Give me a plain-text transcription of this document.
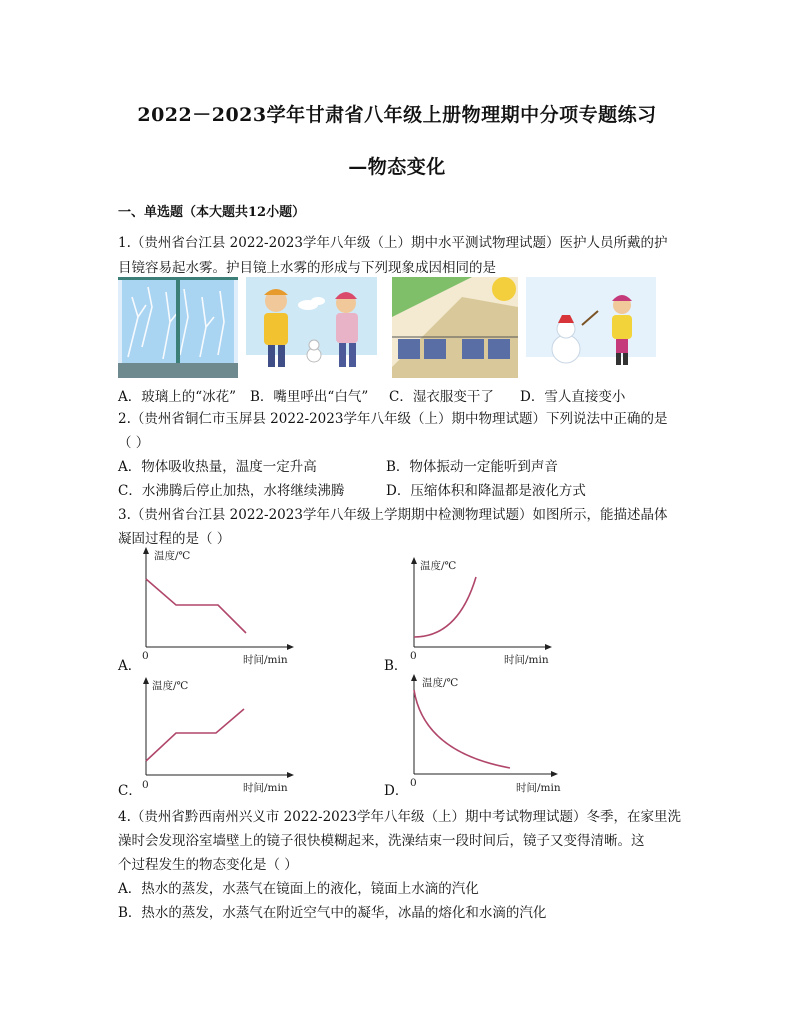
2022－2023学年甘肃省八年级上册物理期中分项专题练习
—物态变化
一、单选题（本大题共12小题）
1.（贵州省台江县 2022-2023学年八年级（上）期中水平测试物理试题）医护人员所戴的护
目镜容易起水雾。护目镜上水雾的形成与下列现象成因相同的是
A．玻璃上的“冰花” B．嘴里呼出“白气” C．湿衣服变干了 D．雪人直接变小
2.（贵州省铜仁市玉屏县 2022-2023学年八年级（上）期中物理试题）下列说法中正确的是
（ ）
A．物体吸收热量，温度一定升高	B．物体振动一定能听到声音
C．水沸腾后停止加热，水将继续沸腾	D．压缩体积和降温都是液化方式
3.（贵州省台江县 2022-2023学年八年级上学期期中检测物理试题）如图所示，能描述晶体
凝固过程的是（ ）
A．
温度/℃
0	时间/min	B．
温度/℃
0	时间/min
C．
温度/℃
0	时间/min	D．
温度/℃
0	时间/min
4.（贵州省黔西南州兴义市 2022-2023学年八年级（上）期中考试物理试题）冬季，在家里洗
澡时会发现浴室墙壁上的镜子很快模糊起来，洗澡结束一段时间后，镜子又变得清晰。这
个过程发生的物态变化是（ ）
A．热水的蒸发，水蒸气在镜面上的液化，镜面上水滴的汽化
B．热水的蒸发，水蒸气在附近空气中的凝华，冰晶的熔化和水滴的汽化
